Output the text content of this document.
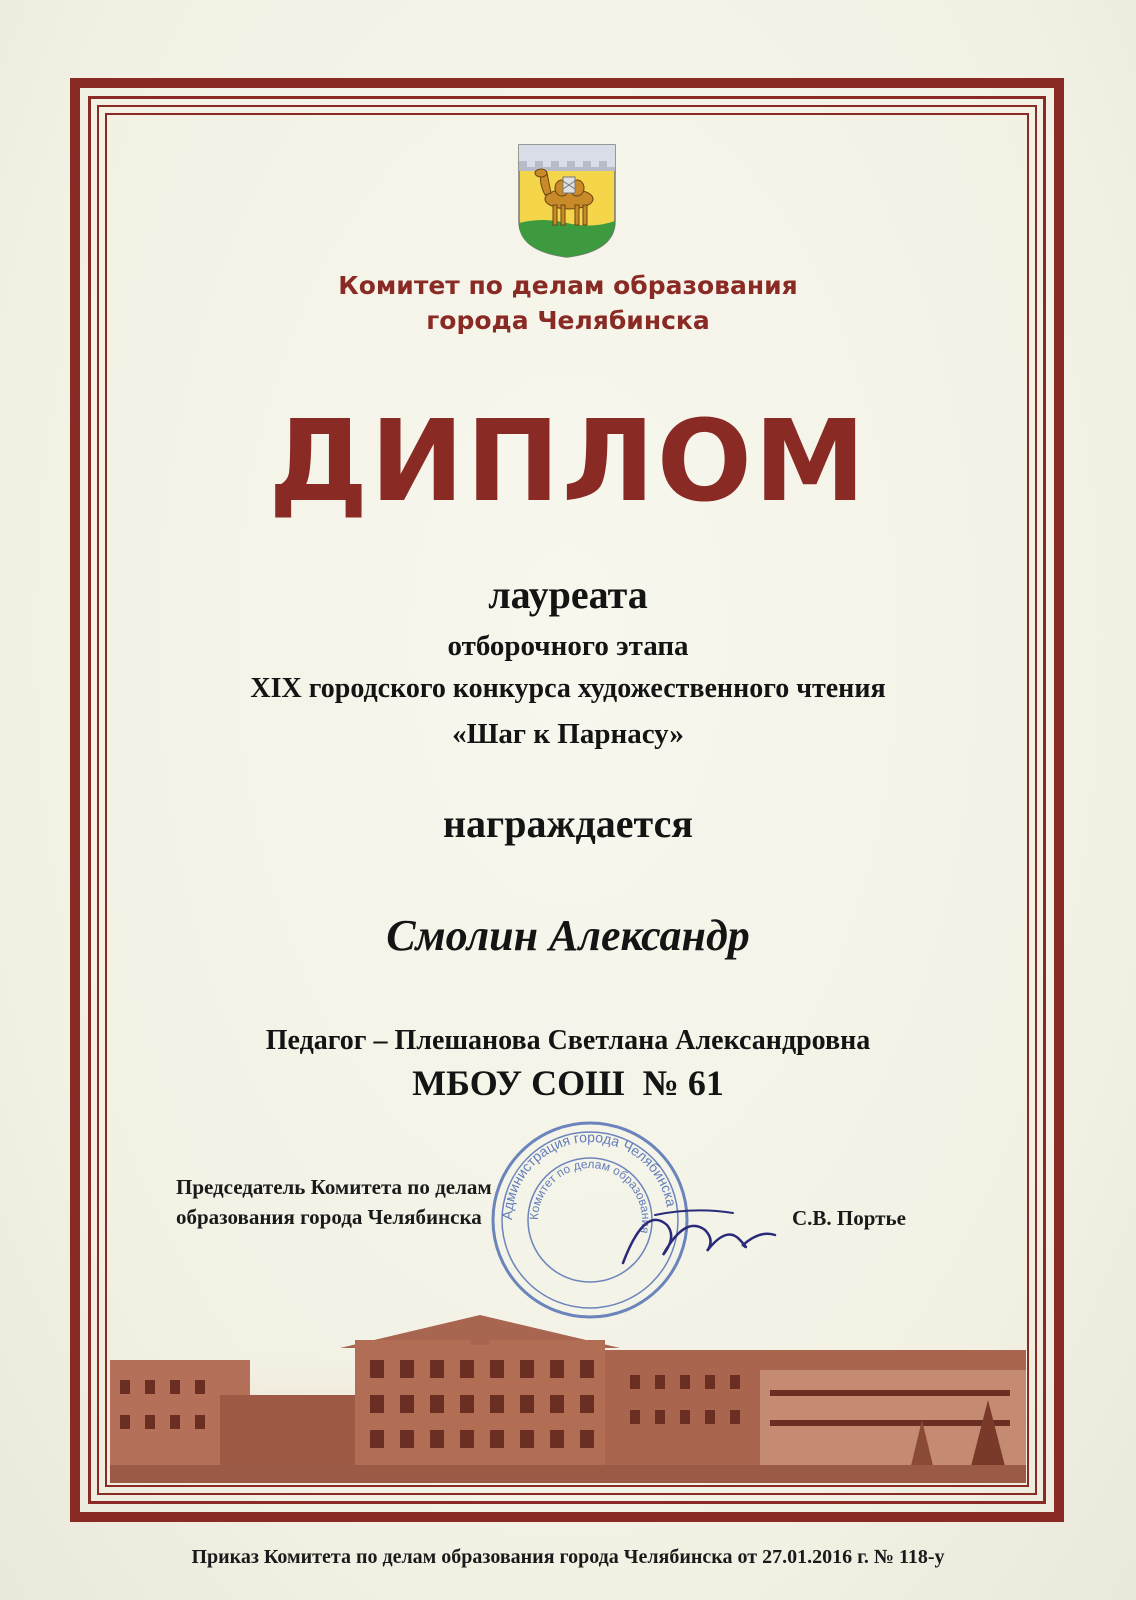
Комитет по делам образования
города Челябинска
ДИПЛОМ
лауреата
отборочного этапа
XIX городского конкурса художественного чтения
«Шаг к Парнасу»
награждается
Смолин Александр
Педагог – Плешанова Светлана Александровна
МБОУ СОШ  № 61
Администрация города Челябинска
Комитет по делам образования
Председатель Комитета по делам
образования города Челябинска	С.В. Портье
Приказ Комитета по делам образования города Челябинска от 27.01.2016 г. № 118-у
